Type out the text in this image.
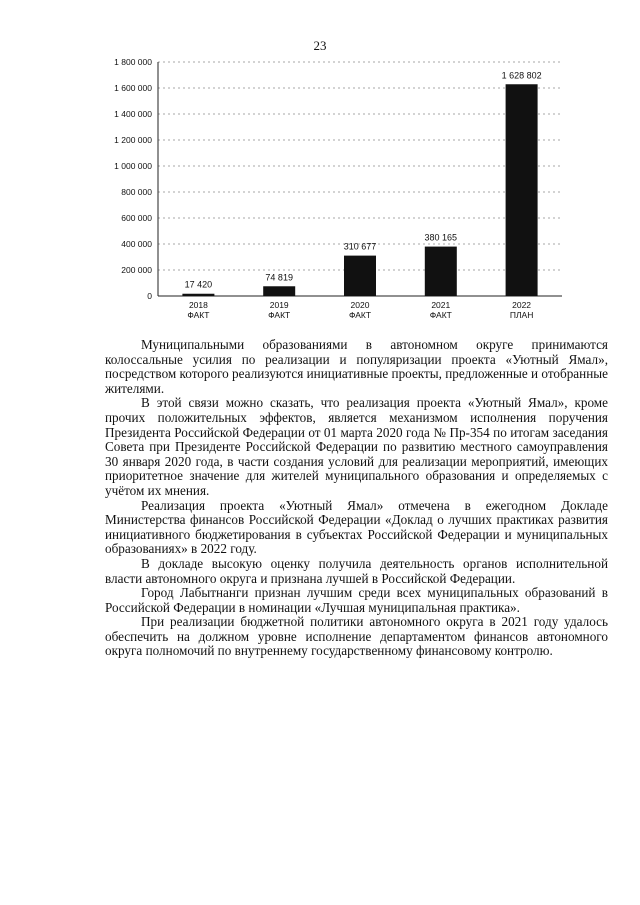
23
0
200 000
400 000
600 000
800 000
1 000 000
1 200 000
1 400 000
1 600 000
1 800 000
17 420
2018
ФАКТ
74 819
2019
ФАКТ
310 677
2020
ФАКТ
380 165
2021
ФАКТ
1 628 802
2022
ПЛАН

Муниципальными образованиями в автономном округе принимаются колоссальные усилия по реализации и популяризации проекта «Уютный Ямал», посредством которого реализуются инициативные проекты, предложенные и отобранные жителями.

В этой связи можно сказать, что реализация проекта «Уютный Ямал», кроме прочих положительных эффектов, является механизмом исполнения поручения Президента Российской Федерации от 01 марта 2020 года № Пр-354 по итогам заседания Совета при Президенте Российской Федерации по развитию местного самоуправления 30 января 2020 года, в части создания условий для реализации мероприятий, имеющих приоритетное значение для жителей муниципального образования и определяемых с учётом их мнения.

Реализация проекта «Уютный Ямал» отмечена в ежегодном Докладе Министерства финансов Российской Федерации «Доклад о лучших практиках развития инициативного бюджетирования в субъектах Российской Федерации и муниципальных образованиях» в 2022 году.

В докладе высокую оценку получила деятельность органов исполнительной власти автономного округа и признана лучшей в Российской Федерации.

Город Лабытнанги признан лучшим среди всех муниципальных образований в Российской Федерации в номинации «Лучшая муниципальная практика».

При реализации бюджетной политики автономного округа в 2021 году удалось обеспечить на должном уровне исполнение департаментом финансов автономного округа полномочий по внутреннему государственному финансовому контролю.
